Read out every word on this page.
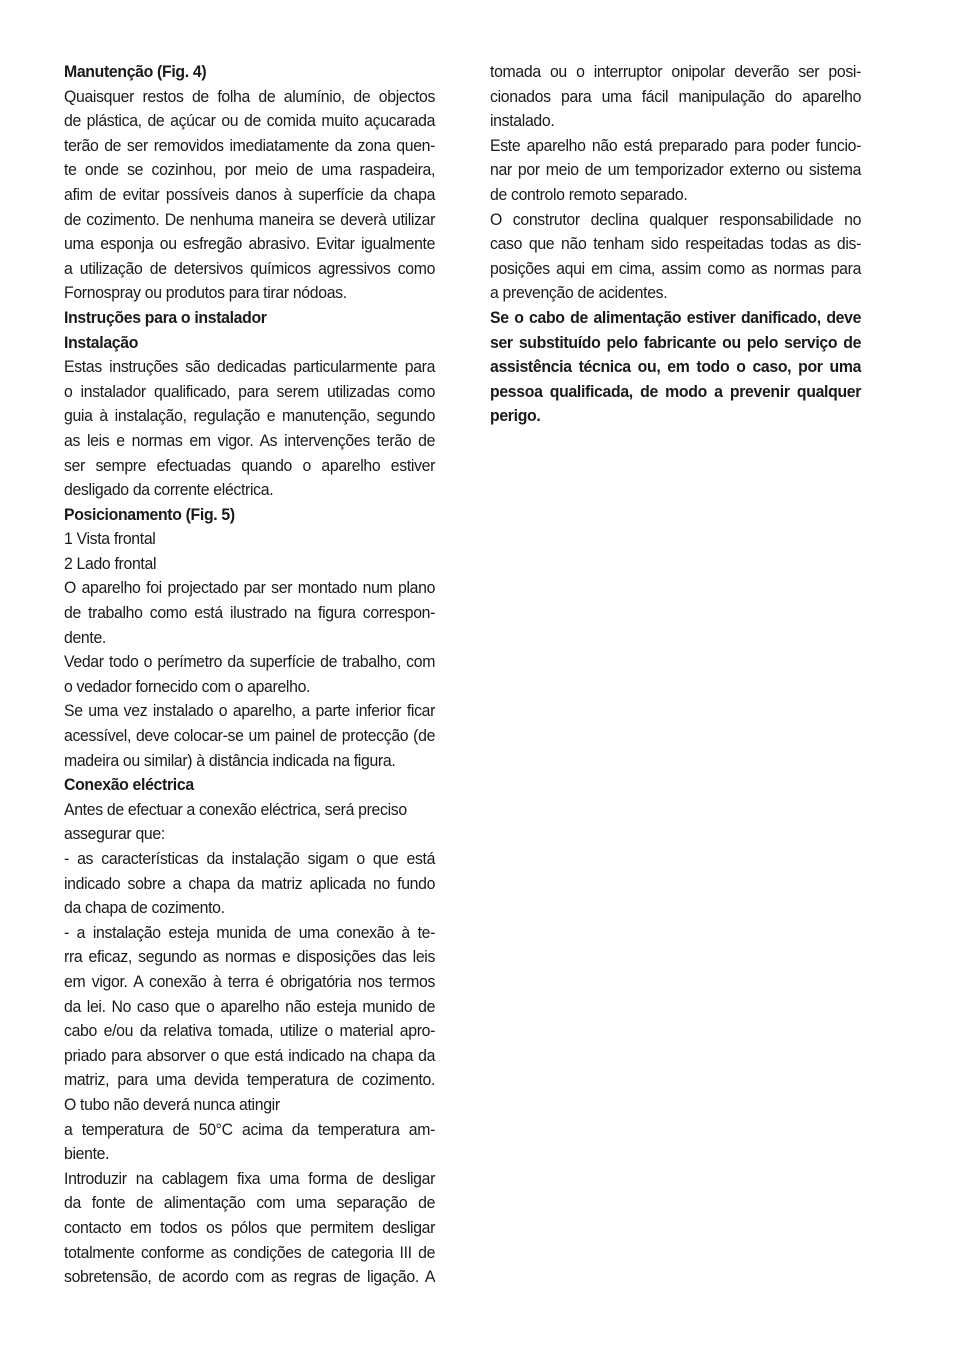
Manutenção (Fig. 4)
Quaisquer restos de folha de alumínio, de objectos
de plástica, de açúcar ou de comida muito açucarada
terão de ser removidos imediatamente da zona quen-
te onde se cozinhou, por meio de uma raspadeira,
afim de evitar possíveis danos à superfície da chapa
de cozimento. De nenhuma maneira se deverà utilizar
uma esponja ou esfregão abrasivo. Evitar igualmente
a utilização de detersivos químicos agressivos como
Fornospray ou produtos para tirar nódoas.
Instruções para o instalador
Instalação
Estas instruções são dedicadas particularmente para
o instalador qualificado, para serem utilizadas como
guia à instalação, regulação e manutenção, segundo
as leis e normas em vigor. As intervenções terão de
ser sempre efectuadas quando o aparelho estiver
desligado da corrente eléctrica.
Posicionamento (Fig. 5)
1 Vista frontal
2 Lado frontal
O aparelho foi projectado par ser montado num plano
de trabalho como está ilustrado na figura correspon-
dente.
Vedar todo o perímetro da superfície de trabalho, com
o vedador fornecido com o aparelho.
Se uma vez instalado o aparelho, a parte inferior ficar
acessível, deve colocar-se um painel de protecção (de
madeira ou similar) à distância indicada na figura.
Conexão eléctrica
Antes de efectuar a conexão eléctrica, será preciso
assegurar que:
- as características da instalação sigam o que está
indicado sobre a chapa da matriz aplicada no fundo
da chapa de cozimento.
- a instalação esteja munida de uma conexão à te-
rra eficaz, segundo as normas e disposições das leis
em vigor. A conexão à terra é obrigatória nos termos
da lei. No caso que o aparelho não esteja munido de
cabo e/ou da relativa tomada, utilize o material apro-
priado para absorver o que está indicado na chapa da
matriz, para uma devida temperatura de cozimento.
O tubo não deverá nunca atingir
a temperatura de 50°C acima da temperatura am-
biente.
Introduzir na cablagem fixa uma forma de desligar
da fonte de alimentação com uma separação de
contacto em todos os pólos que permitem desligar
totalmente conforme as condições de categoria III de
sobretensão, de acordo com as regras de ligação. A
tomada ou o interruptor onipolar deverão ser posi-
cionados para uma fácil manipulação do aparelho
instalado.
Este aparelho não está preparado para poder funcio-
nar por meio de um temporizador externo ou sistema
de controlo remoto separado.
O construtor declina qualquer responsabilidade no
caso que não tenham sido respeitadas todas as dis-
posições aqui em cima, assim como as normas para
a prevenção de acidentes.
Se o cabo de alimentação estiver danificado, deve
ser substituído pelo fabricante ou pelo serviço de
assistência técnica ou, em todo o caso, por uma
pessoa qualificada, de modo a prevenir qualquer
perigo.
